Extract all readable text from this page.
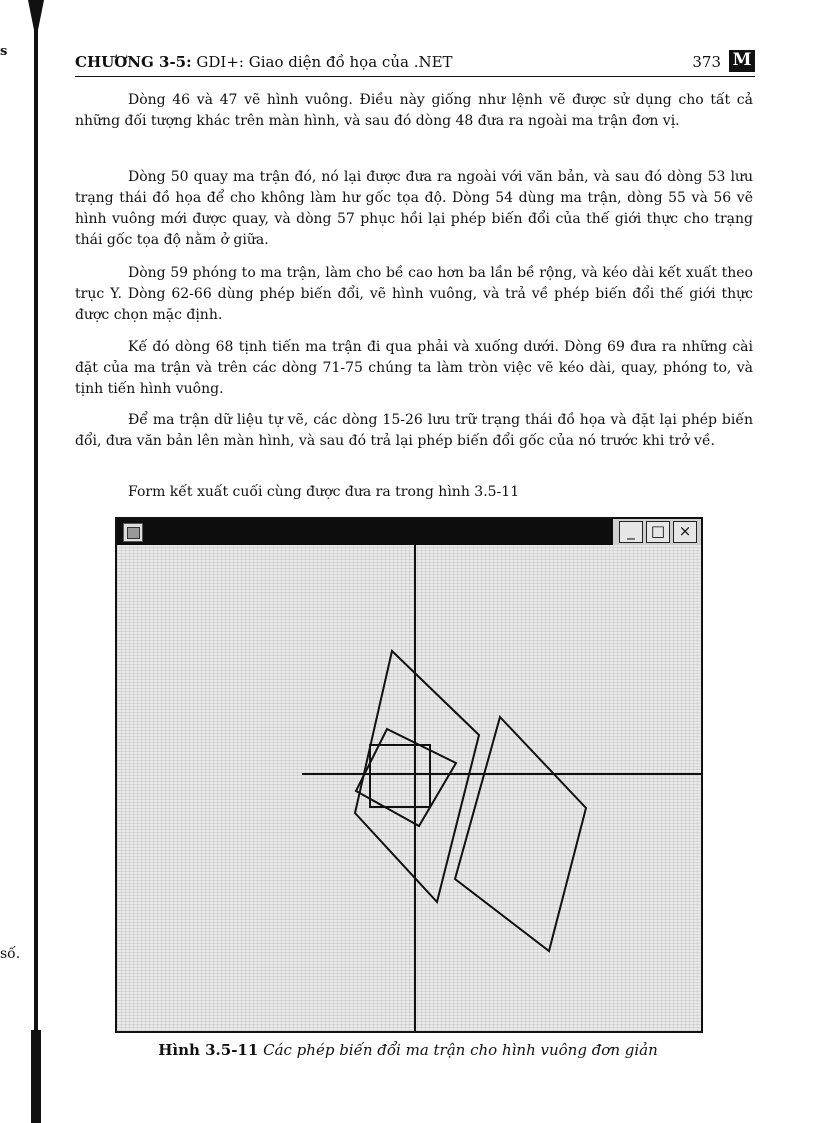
s
số.
CHƯƠNG 3-5: GDI+: Giao diện đồ họa của .NET	373 M

Dòng 46 và 47 vẽ hình vuông. Điều này giống như lệnh vẽ được sử dụng cho tất cả những đối tượng khác trên màn hình, và sau đó dòng 48 đưa ra ngoài ma trận đơn vị.

Dòng 50 quay ma trận đó, nó lại được đưa ra ngoài với văn bản, và sau đó dòng 53 lưu trạng thái đồ họa để cho không làm hư gốc tọa độ. Dòng 54 dùng ma trận, dòng 55 và 56 vẽ hình vuông mới được quay, và dòng 57 phục hồi lại phép biến đổi của thế giới thực cho trạng thái gốc tọa độ nằm ở giữa.

Dòng 59 phóng to ma trận, làm cho bề cao hơn ba lần bề rộng, và kéo dài kết xuất theo trục Y. Dòng 62-66 dùng phép biến đổi, vẽ hình vuông, và trả về phép biến đổi thế giới thực được chọn mặc định.

Kế đó dòng 68 tịnh tiến ma trận đi qua phải và xuống dưới. Dòng 69 đưa ra những cài đặt của ma trận và trên các dòng 71-75 chúng ta làm tròn việc vẽ kéo dài, quay, phóng to, và tịnh tiến hình vuông.

Để ma trận dữ liệu tự vẽ, các dòng 15-26 lưu trữ trạng thái đồ họa và đặt lại phép biến đổi, đưa văn bản lên màn hình, và sau đó trả lại phép biến đổi gốc của nó trước khi trở về.

Form kết xuất cuối cùng được đưa ra trong hình 3.5-11
_	□ ×
Hình 3.5-11 Các phép biến đổi ma trận cho hình vuông đơn giản
